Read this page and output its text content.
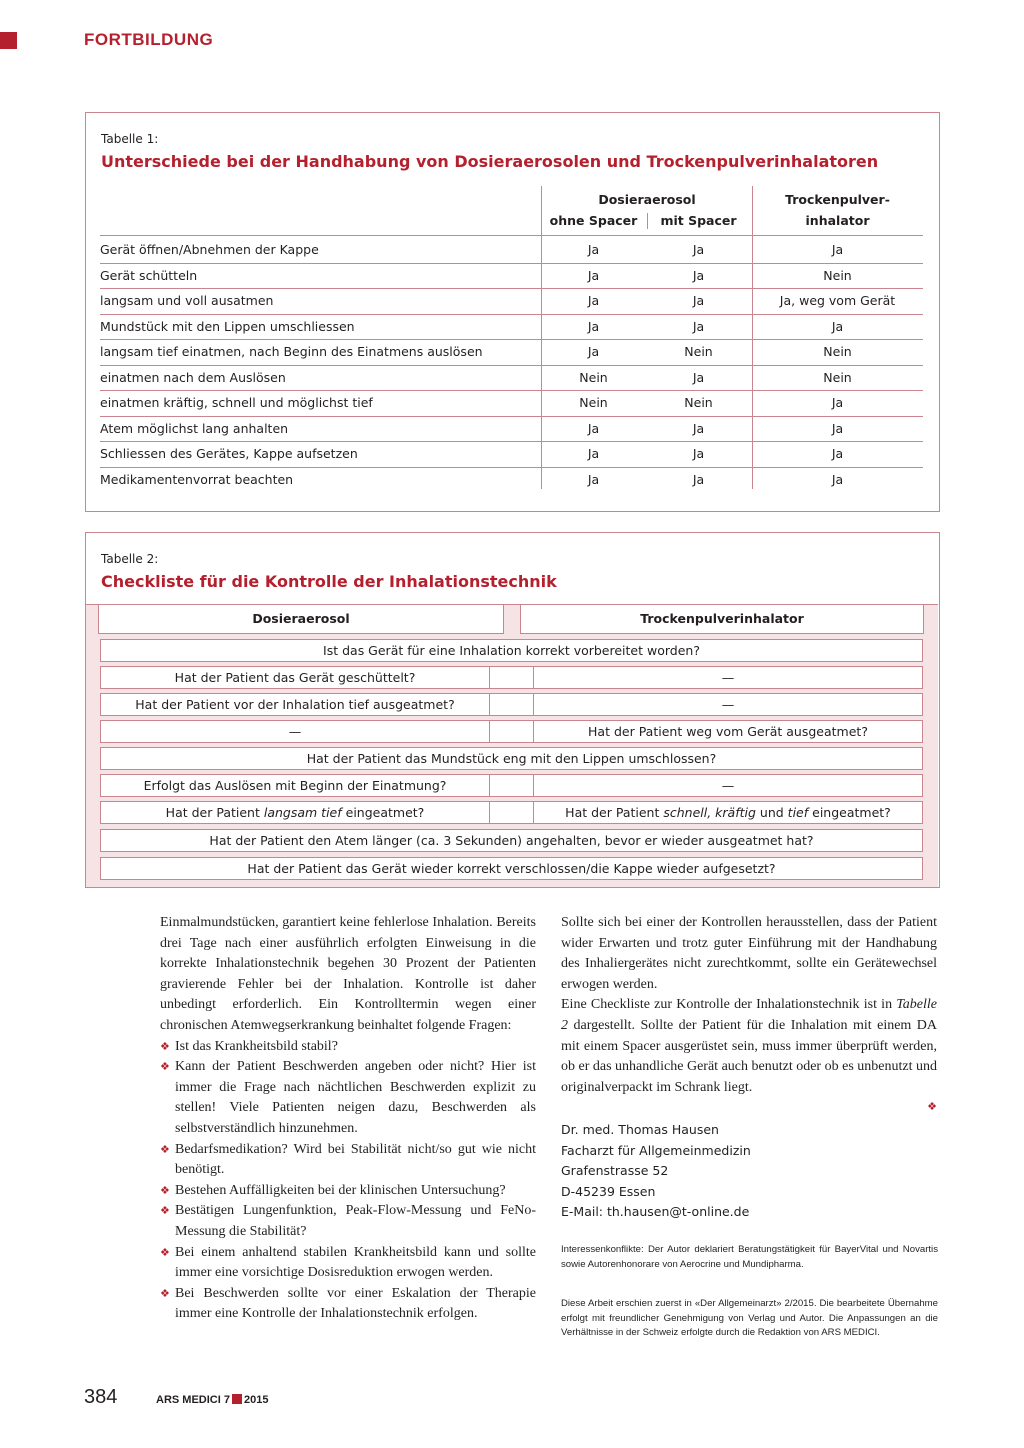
FORTBILDUNG
Tabelle 1:
Unterschiede bei der Handhabung von Dosieraerosolen und Trockenpulverinhalatoren
Dosieraerosol
ohne Spacer	mit Spacer
Trockenpulver-
inhalator
Gerät öffnen/Abnehmen der Kappe	Ja	Ja	Ja
Gerät schütteln	Ja	Ja	Nein
langsam und voll ausatmen	Ja	Ja	Ja, weg vom Gerät
Mundstück mit den Lippen umschliessen	Ja	Ja	Ja
langsam tief einatmen, nach Beginn des Einatmens auslösen	Ja	Nein	Nein
einatmen nach dem Auslösen	Nein	Ja	Nein
einatmen kräftig, schnell und möglichst tief	Nein	Nein	Ja
Atem möglichst lang anhalten	Ja	Ja	Ja
Schliessen des Gerätes, Kappe aufsetzen	Ja	Ja	Ja
Medikamentenvorrat beachten	Ja	Ja	Ja
Tabelle 2:
Checkliste für die Kontrolle der Inhalationstechnik
Dosieraerosol	Trockenpulverinhalator
Ist das Gerät für eine Inhalation korrekt vorbereitet worden?
Hat der Patient das Gerät geschüttelt?	—
Hat der Patient vor der Inhalation tief ausgeatmet?	—
—	Hat der Patient weg vom Gerät ausgeatmet?
Hat der Patient das Mundstück eng mit den Lippen umschlossen?
Erfolgt das Auslösen mit Beginn der Einatmung?	—
Hat der Patient langsam tief eingeatmet?	Hat der Patient schnell, kräftig und tief eingeatmet?
Hat der Patient den Atem länger (ca. 3 Sekunden) angehalten, bevor er wieder ausgeatmet hat?
Hat der Patient das Gerät wieder korrekt verschlossen/die Kappe wieder aufgesetzt?

Einmalmundstücken, garantiert keine fehlerlose Inhalation. Bereits drei Tage nach einer ausführlich erfolgten Einweisung in die korrekte Inhalationstechnik begehen 30 Prozent der Patienten gravierende Fehler bei der Inhalation. Kontrolle ist daher unbedingt erforderlich. Ein Kontrolltermin wegen einer chronischen Atemwegserkrankung beinhaltet folgende Fragen:

❖ Ist das Krankheitsbild stabil?
❖ Kann der Patient Beschwerden angeben oder nicht? Hier ist immer die Frage nach nächtlichen Beschwerden explizit zu stellen! Viele Patienten neigen dazu, Beschwerden als selbstverständlich hinzunehmen.
❖ Bedarfsmedikation? Wird bei Stabilität nicht/so gut wie nicht benötigt.
❖ Bestehen Auffälligkeiten bei der klinischen Untersuchung?
❖ Bestätigen Lungenfunktion, Peak-Flow-Messung und FeNo-Messung die Stabilität?
❖ Bei einem anhaltend stabilen Krankheitsbild kann und sollte immer eine vorsichtige Dosisreduktion erwogen werden.
❖ Bei Beschwerden sollte vor einer Eskalation der Therapie immer eine Kontrolle der Inhalationstechnik erfolgen.

Sollte sich bei einer der Kontrollen herausstellen, dass der Patient wider Erwarten und trotz guter Einführung mit der Handhabung des Inhaliergerätes nicht zurechtkommt, sollte ein Gerätewechsel erwogen werden.

Eine Checkliste zur Kontrolle der Inhalationstechnik ist in Tabelle 2 dargestellt. Sollte der Patient für die Inhalation mit einem DA mit einem Spacer ausgerüstet sein, muss immer überprüft werden, ob er das unhandliche Gerät auch benutzt oder ob es unbenutzt und originalverpackt im Schrank liegt.

❖

Dr. med. Thomas Hausen
Facharzt für Allgemeinmedizin
Grafenstrasse 52
D-45239 Essen
E-Mail: th.hausen@t-online.de
Interessenkonflikte: Der Autor deklariert Beratungstätigkeit für BayerVital und Novartis sowie Autorenhonorare von Aerocrine und Mundipharma.
Diese Arbeit erschien zuerst in «Der Allgemeinarzt» 2/2015. Die bearbeitete Übernahme erfolgt mit freundlicher Genehmigung von Verlag und Autor. Die Anpassungen an die Verhältnisse in der Schweiz erfolgte durch die Redaktion von ARS MEDICI.
384	ARS MEDICI 7 2015
